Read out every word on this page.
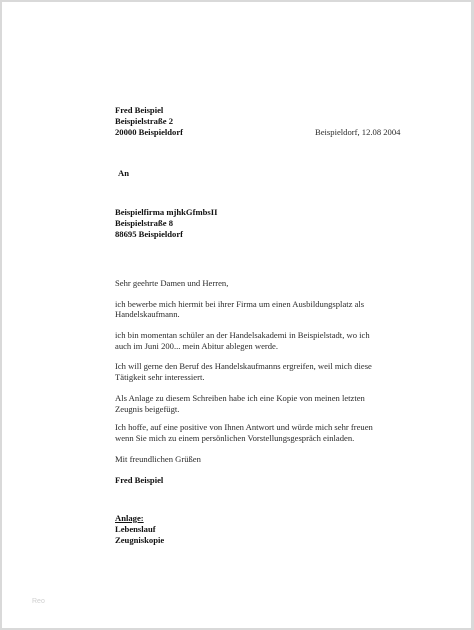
Fred Beispiel
Beispielstraße 2
20000 Beispieldorf	Beispieldorf, 12.08 2004
An
Beispielfirma mjhkGfmbsII
Beispielstraße 8
88695 Beispieldorf
Sehr geehrte Damen und Herren,
ich bewerbe mich hiermit bei ihrer Firma um einen Ausbildungsplatz als
Handelskaufmann.
ich bin momentan schüler an der Handelsakademi in Beispielstadt, wo ich
auch im Juni 200... mein Abitur ablegen werde.
Ich will gerne den Beruf des Handelskaufmanns ergreifen, weil mich diese
Tätigkeit sehr interessiert.
Als Anlage zu diesem Schreiben habe ich eine Kopie von meinen letzten
Zeugnis beigefügt.
Ich hoffe, auf eine positive von Ihnen Antwort und würde mich sehr freuen
wenn Sie mich zu einem persönlichen Vorstellungsgespräch einladen.
Mit freundlichen Grüßen
Fred Beispiel
Anlage:
Lebenslauf
Zeugniskopie
Reo
